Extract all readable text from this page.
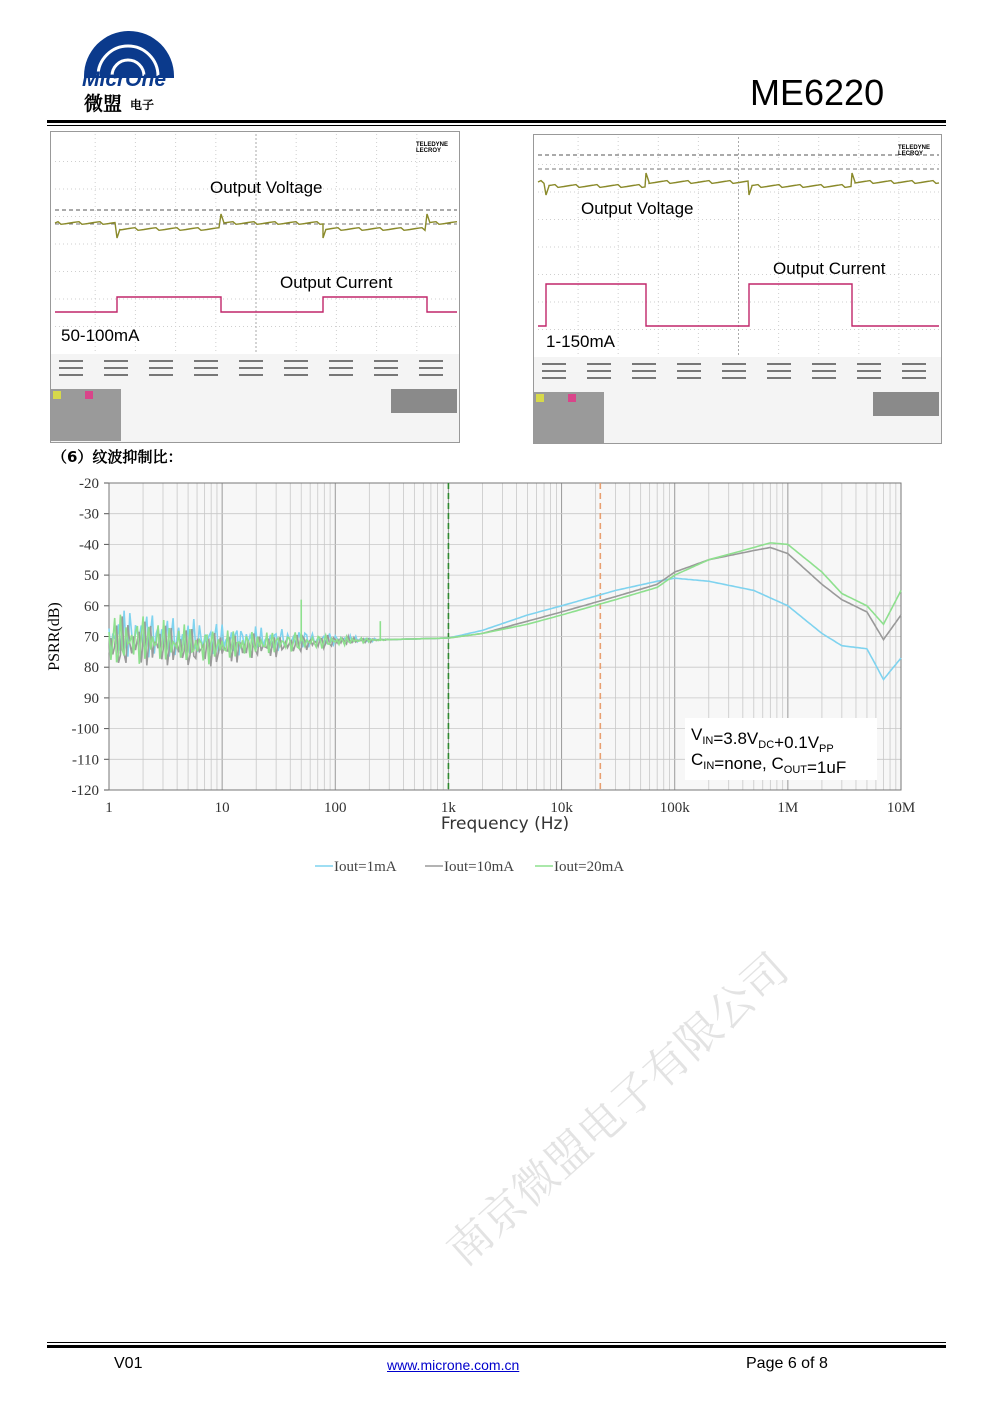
南京微盟电子有限公司
MicrOne
微盟 电子	ME6220
Output Voltage
Output Current
50-100mA
TELEDYNE LECROY
Output Voltage
Output Current
1-150mA
TELEDYNE LECROY
（6）纹波抑制比：
1	10	100	1k	10k	100k	1M	10M
-20
-30
-40
50
60
70
80
90
-100
-110
-120
$V_{IN}=3.8V_{DC}+0.1V_{PP}$
$C_{IN}=none$, $C_{OUT}=1uF$
Frequency (Hz)
PSRR(dB)
Iout=1mA	Iout=10mA	Iout=20mA
V01	www.microne.com.cn	Page 6 of 8
